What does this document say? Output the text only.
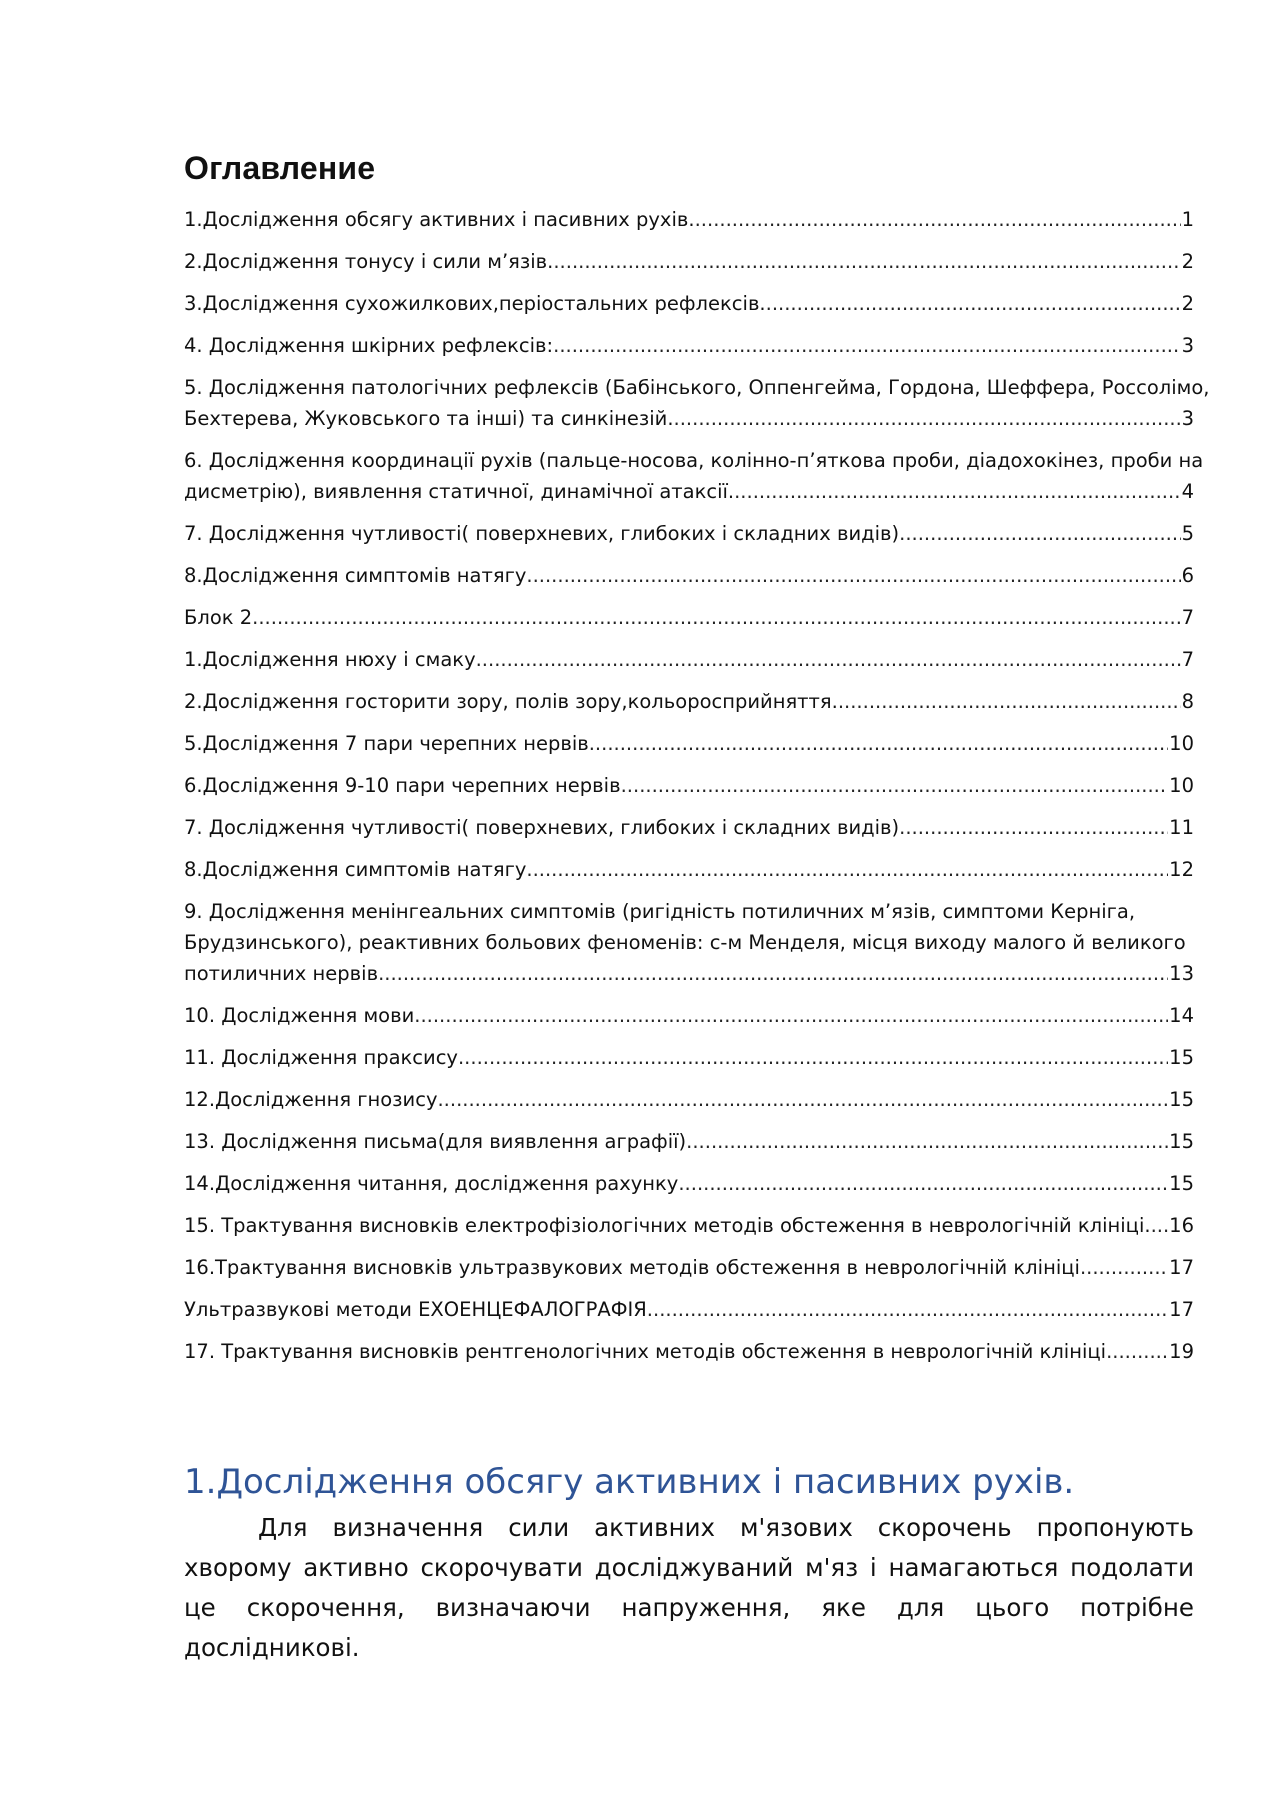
Оглавление
1.Дослідження обсягу активних і пасивних рухів. .....	1
2.Дослідження тонусу і сили м’язів. .....	2
3.Дослідження сухожилкових,періостальних рефлексів. .....	2
4. Дослідження шкірних рефлексів: .....	3
5. Дослідження патологічних рефлексів (Бабінського, Оппенгейма, Гордона, Шеффера, Россолімо,
Бехтерева, Жуковського та інші) та синкінезій. .....	3
6. Дослідження координації рухів (пальце-носова, колінно-п’яткова проби, діадохокінез, проби на
дисметрію), виявлення статичної, динамічної атаксії. .....	4
7. Дослідження чутливості( поверхневих, глибоких і складних видів) .....	5
8.Дослідження симптомів натягу .....	6
Блок 2 .....	7
1.Дослідження нюху і смаку .....	7
2.Дослідження госторити зору, полів зору,кольоросприйняття. .....	8
5.Дослідження 7 пари черепних нервів .....	10
6.Дослідження 9-10 пари черепних нервів .....	10
7. Дослідження чутливості( поверхневих, глибоких і складних видів) .....	11
8.Дослідження симптомів натягу .....	12
9. Дослідження менінгеальних симптомів (ригідність потиличних м’язів, симптоми Керніга,
Брудзинського), реактивних больових феноменів: с-м Менделя, місця виходу малого й великого
потиличних нервів .....	13
10. Дослідження мови .....	14
11. Дослідження праксису .....	15
12.Дослідження гнозису .....	15
13. Дослідження письма(для виявлення аграфії) .....	15
14.Дослідження читання, дослідження рахунку .....	15
15. Трактування висновків електрофізіологічних методів обстеження в неврологічній клініці. ..... 16
16.Трактування висновків ультразвукових методів обстеження в неврологічній клініці .....	17
Ультразвукові методи ЕХОЕНЦЕФАЛОГРАФІЯ .....	17
17. Трактування висновків рентгенологічних методів обстеження в неврологічній клініці .....	19
1.Дослідження обсягу активних і пасивних рухів.

Для визначення сили активних м'язових скорочень пропонують хворому активно скорочувати досліджуваний м'яз і намагаються подолати це скорочення, визначаючи напруження, яке для цього потрібне дослідникові.
